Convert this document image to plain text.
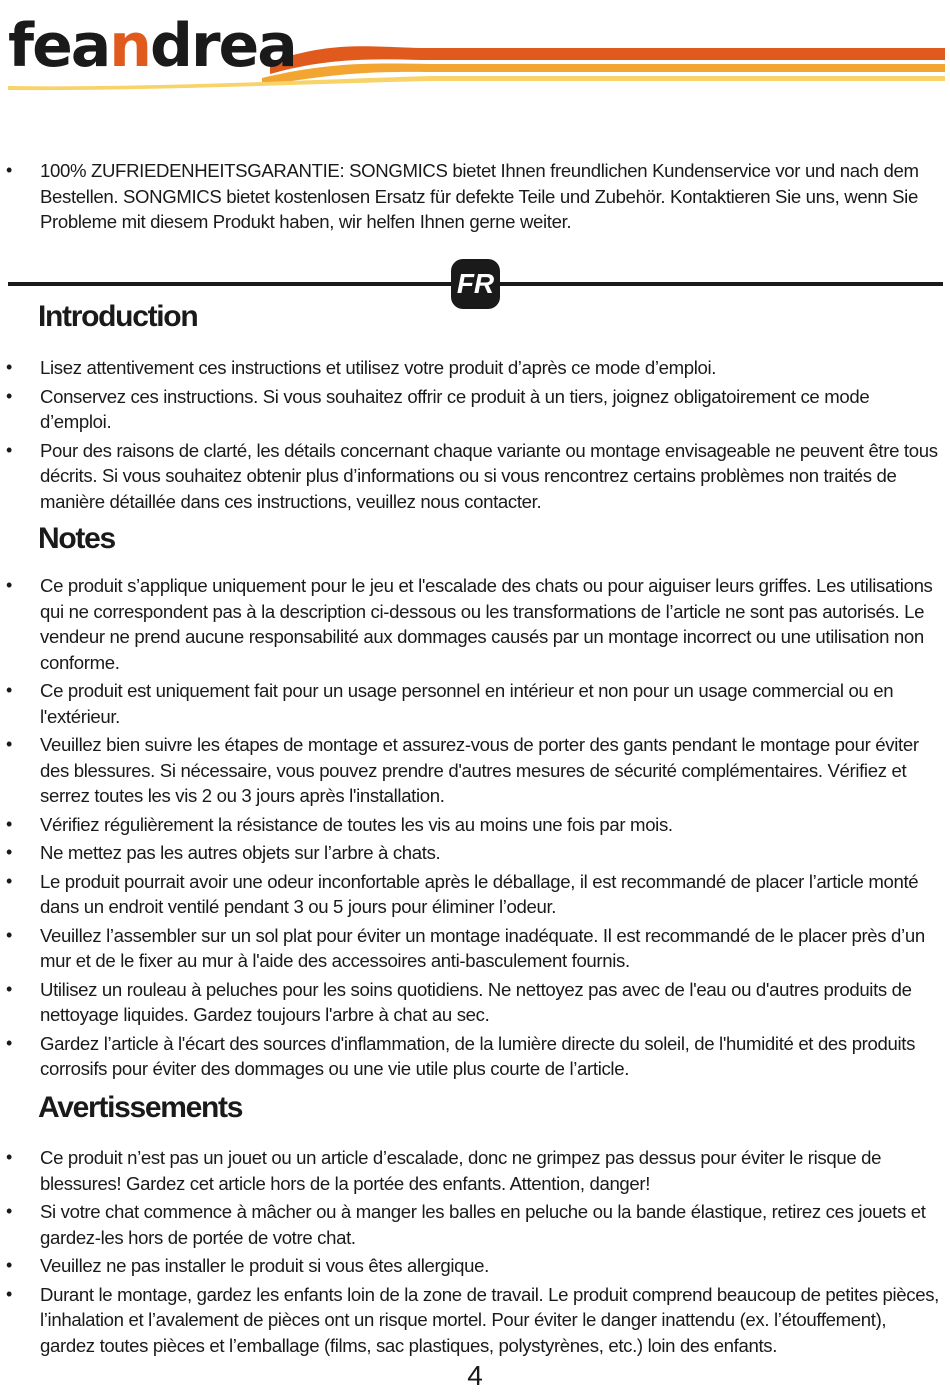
feandrea
• 100% ZUFRIEDENHEITSGARANTIE: SONGMICS bietet Ihnen freundlichen Kundenservice vor und nach dem Bestellen. SONGMICS bietet kostenlosen Ersatz für defekte Teile und Zubehör. Kontaktieren Sie uns, wenn Sie Probleme mit diesem Produkt haben, wir helfen Ihnen gerne weiter.
FR
Introduction
• Lisez attentivement ces instructions et utilisez votre produit d’après ce mode d’emploi.
• Conservez ces instructions. Si vous souhaitez offrir ce produit à un tiers, joignez obligatoirement ce mode d’emploi.
• Pour des raisons de clarté, les détails concernant chaque variante ou montage envisageable ne peuvent être tous décrits. Si vous souhaitez obtenir plus d’informations ou si vous rencontrez certains problèmes non traités de manière détaillée dans ces instructions, veuillez nous contacter.
Notes
• Ce produit s’applique uniquement pour le jeu et l'escalade des chats ou pour aiguiser leurs griffes. Les utilisations qui ne correspondent pas à la description ci-dessous ou les transformations de l’article ne sont pas autorisés. Le vendeur ne prend aucune responsabilité aux dommages causés par un montage incorrect ou une utilisation non conforme.
• Ce produit est uniquement fait pour un usage personnel en intérieur et non pour un usage commercial ou en l'extérieur.
• Veuillez bien suivre les étapes de montage et assurez-vous de porter des gants pendant le montage pour éviter des blessures. Si nécessaire, vous pouvez prendre d'autres mesures de sécurité complémentaires. Vérifiez et serrez toutes les vis 2 ou 3 jours après l'installation.
• Vérifiez régulièrement la résistance de toutes les vis au moins une fois par mois.
• Ne mettez pas les autres objets sur l’arbre à chats.
• Le produit pourrait avoir une odeur inconfortable après le déballage, il est recommandé de placer l’article monté dans un endroit ventilé pendant 3 ou 5 jours pour éliminer l’odeur.
• Veuillez l’assembler sur un sol plat pour éviter un montage inadéquate. Il est recommandé de le placer près d’un mur et de le fixer au mur à l'aide des accessoires anti-basculement fournis.
• Utilisez un rouleau à peluches pour les soins quotidiens. Ne nettoyez pas avec de l'eau ou d'autres produits de nettoyage liquides. Gardez toujours l'arbre à chat au sec.
• Gardez l’article à l'écart des sources d'inflammation, de la lumière directe du soleil, de l'humidité et des produits corrosifs pour éviter des dommages ou une vie utile plus courte de l’article.
Avertissements
• Ce produit n’est pas un jouet ou un article d’escalade, donc ne grimpez pas dessus pour éviter le risque de blessures! Gardez cet article hors de la portée des enfants. Attention, danger!
• Si votre chat commence à mâcher ou à manger les balles en peluche ou la bande élastique, retirez ces jouets et gardez-les hors de portée de votre chat.
• Veuillez ne pas installer le produit si vous êtes allergique.
• Durant le montage, gardez les enfants loin de la zone de travail. Le produit comprend beaucoup de petites pièces, l’inhalation et l’avalement de pièces ont un risque mortel. Pour éviter le danger inattendu (ex. l’étouffement), gardez toutes pièces et l’emballage (films, sac plastiques, polystyrènes, etc.) loin des enfants.
4
